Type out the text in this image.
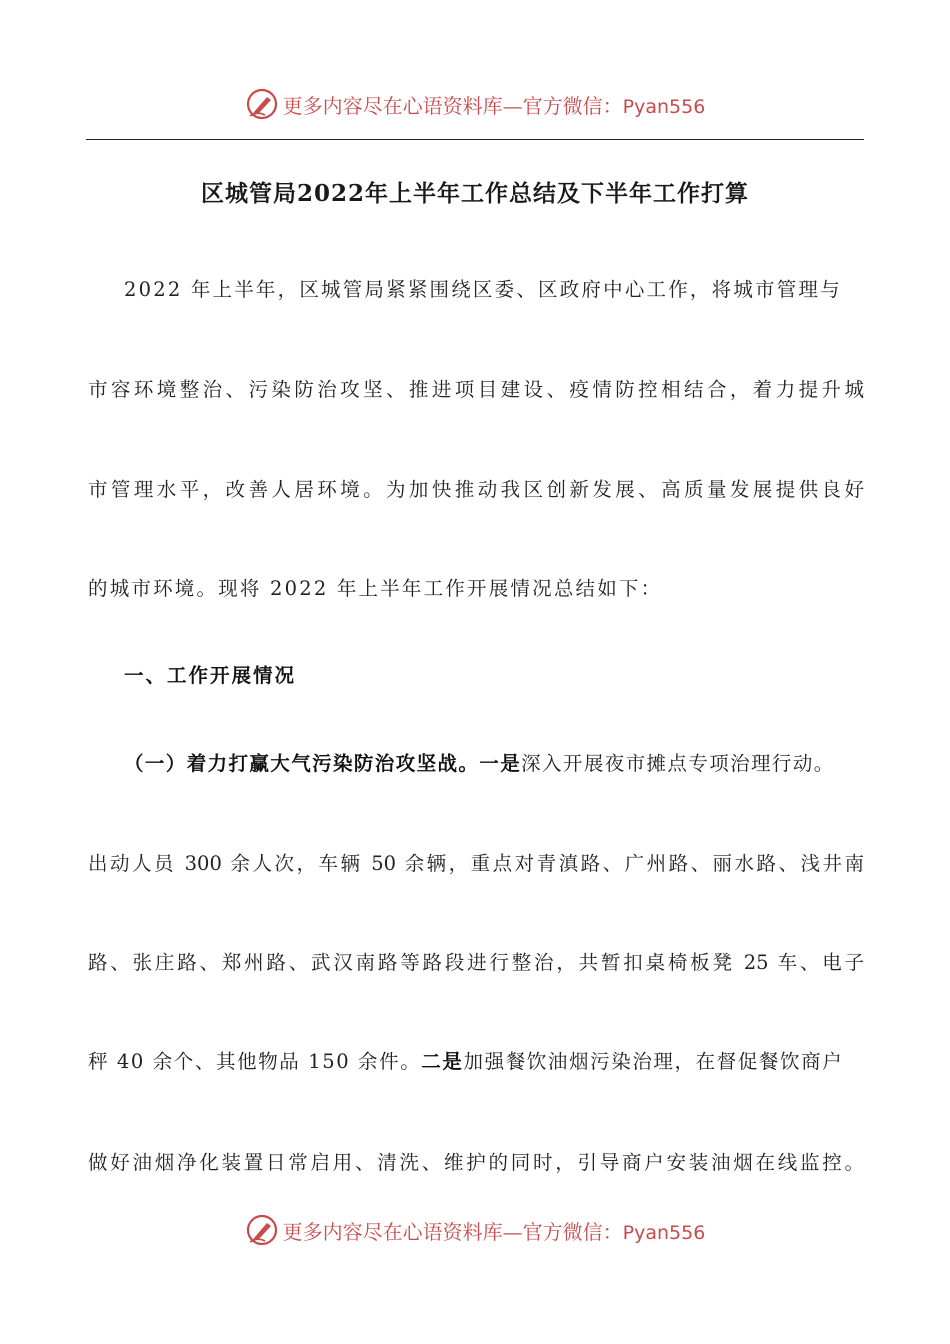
更多内容尽在心语资料库—官方微信：Pyan556
区城管局2022年上半年工作总结及下半年工作打算
2022 年上半年，区城管局紧紧围绕区委、区政府中心工作，将城市管理与
市容环境整治、污染防治攻坚、推进项目建设、疫情防控相结合，着力提升城
市管理水平，改善人居环境。为加快推动我区创新发展、高质量发展提供良好
的城市环境。现将 2022 年上半年工作开展情况总结如下：
一、工作开展情况
（一）着力打赢大气污染防治攻坚战。一是深入开展夜市摊点专项治理行动。
出动人员 300 余人次，车辆 50 余辆，重点对青滇路、广州路、丽水路、浅井南
路、张庄路、郑州路、武汉南路等路段进行整治，共暂扣桌椅板凳 25 车、电子
秤 40 余个、其他物品 150 余件。二是加强餐饮油烟污染治理，在督促餐饮商户
做好油烟净化装置日常启用、清洗、维护的同时，引导商户安装油烟在线监控。
更多内容尽在心语资料库—官方微信：Pyan556
